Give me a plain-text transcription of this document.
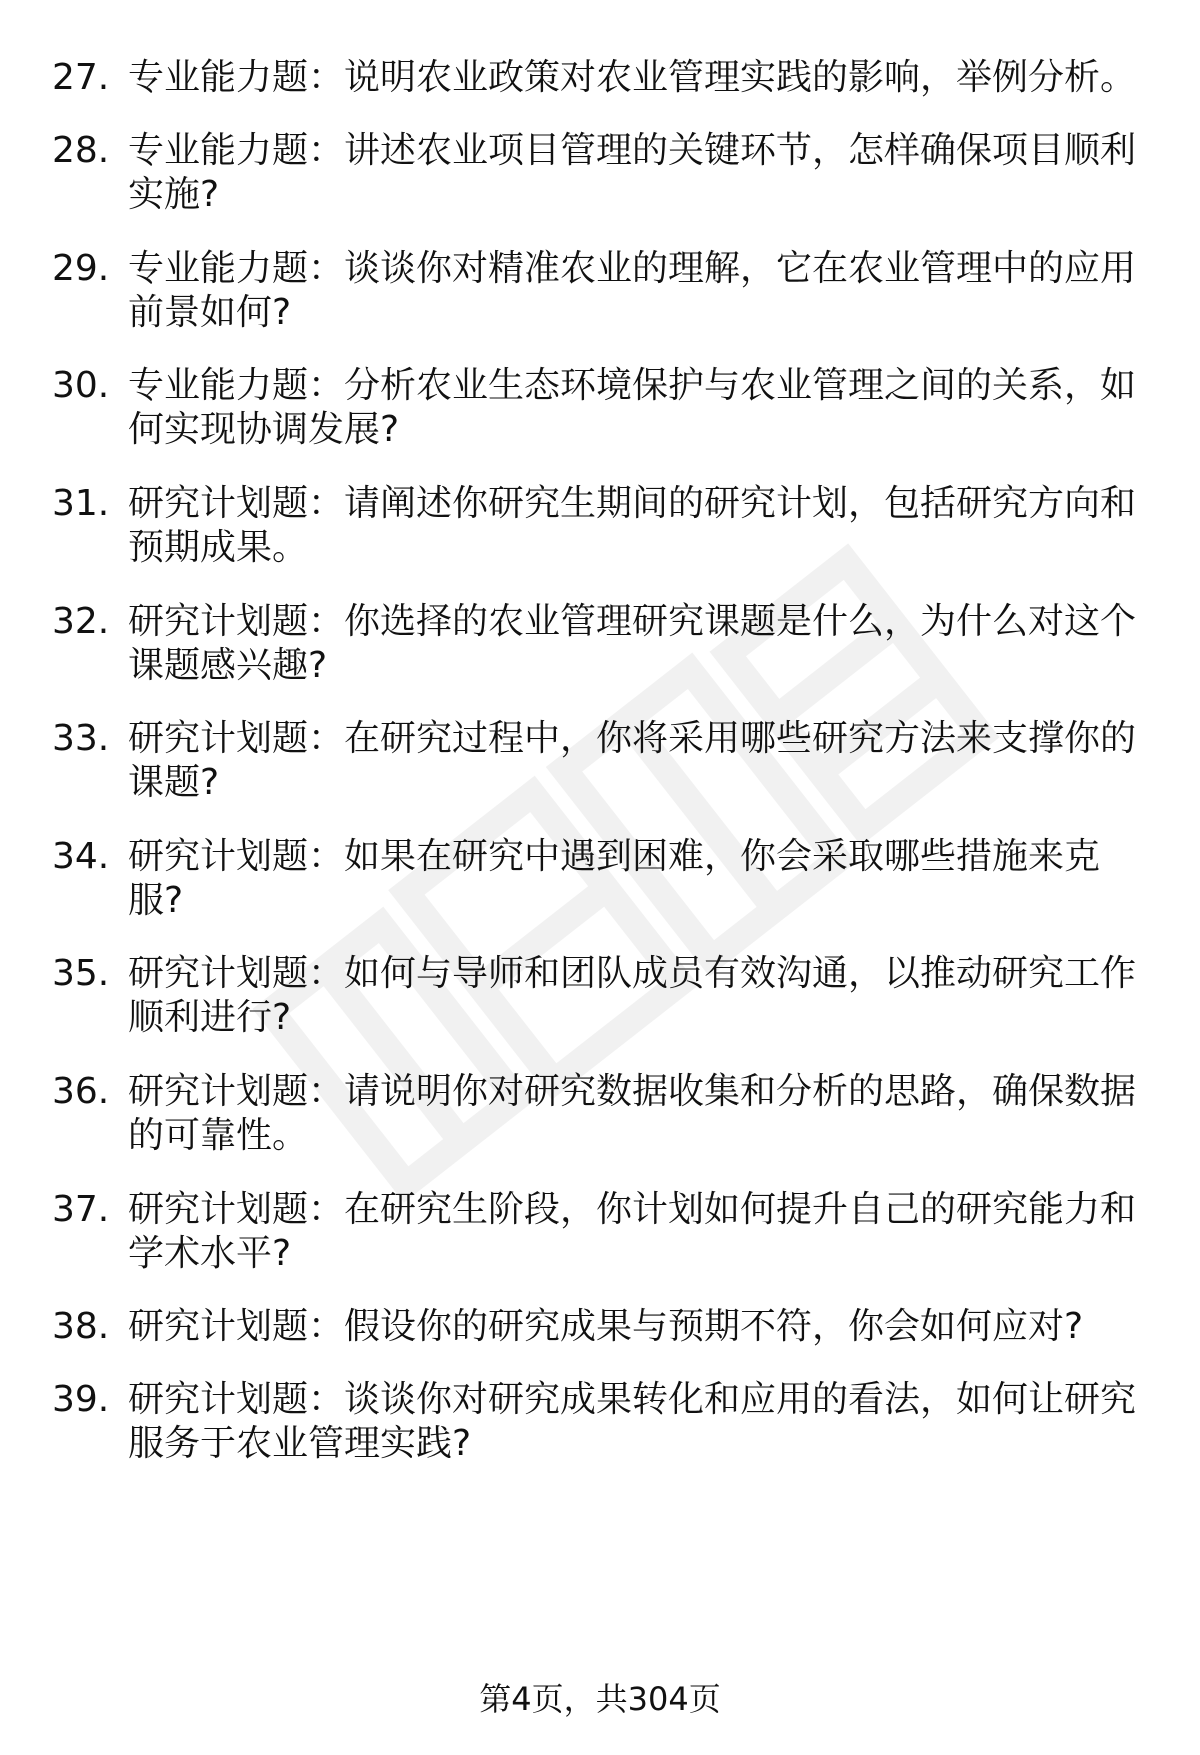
27. 专业能力题：说明农业政策对农业管理实践的影响，举例分析。
28. 专业能力题：讲述农业项目管理的关键环节，怎样确保项目顺利实施?
29. 专业能力题：谈谈你对精准农业的理解，它在农业管理中的应用前景如何?
30. 专业能力题：分析农业生态环境保护与农业管理之间的关系，如何实现协调发展?
31. 研究计划题：请阐述你研究生期间的研究计划，包括研究方向和预期成果。
32. 研究计划题：你选择的农业管理研究课题是什么，为什么对这个课题感兴趣?
33. 研究计划题：在研究过程中，你将采用哪些研究方法来支撑你的课题?
34. 研究计划题：如果在研究中遇到困难，你会采取哪些措施来克服?
35. 研究计划题：如何与导师和团队成员有效沟通，以推动研究工作顺利进行?
36. 研究计划题：请说明你对研究数据收集和分析的思路，确保数据的可靠性。
37. 研究计划题：在研究生阶段，你计划如何提升自己的研究能力和学术水平?
38. 研究计划题：假设你的研究成果与预期不符，你会如何应对?
39. 研究计划题：谈谈你对研究成果转化和应用的看法，如何让研究服务于农业管理实践?
第4页，共304页
